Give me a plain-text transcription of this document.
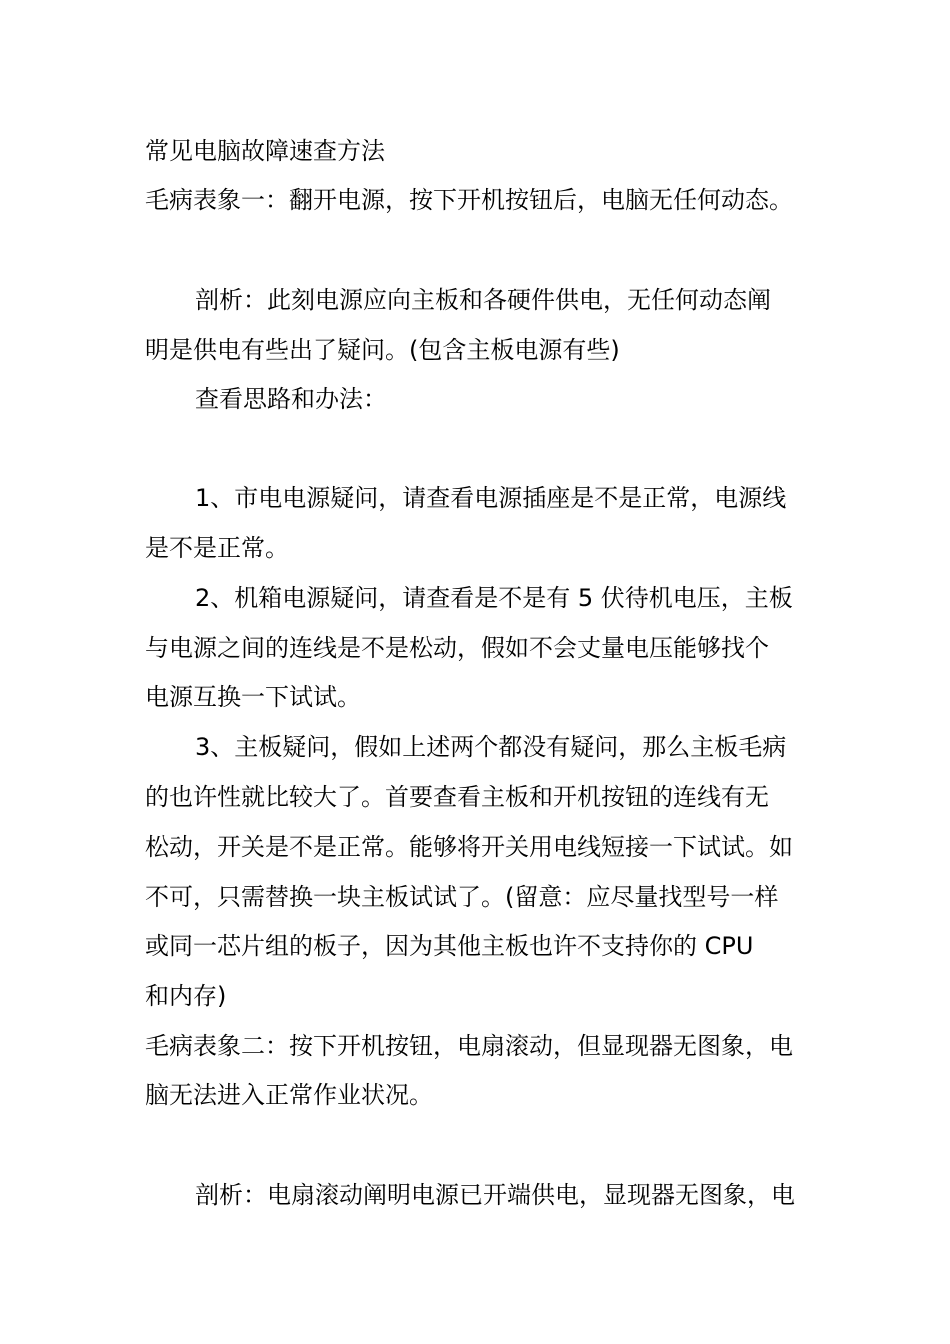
常见电脑故障速查方法
毛病表象一：翻开电源，按下开机按钮后，电脑无任何动态。
剖析：此刻电源应向主板和各硬件供电，无任何动态阐
明是供电有些出了疑问。(包含主板电源有些)
查看思路和办法：
1、市电电源疑问，请查看电源插座是不是正常，电源线
是不是正常。
2、机箱电源疑问，请查看是不是有 5 伏待机电压，主板
与电源之间的连线是不是松动，假如不会丈量电压能够找个
电源互换一下试试。
3、主板疑问，假如上述两个都没有疑问，那么主板毛病
的也许性就比较大了。首要查看主板和开机按钮的连线有无
松动，开关是不是正常。能够将开关用电线短接一下试试。如
不可，只需替换一块主板试试了。(留意：应尽量找型号一样
或同一芯片组的板子，因为其他主板也许不支持你的 CPU
和内存)
毛病表象二：按下开机按钮，电扇滚动，但显现器无图象，电
脑无法进入正常作业状况。
剖析：电扇滚动阐明电源已开端供电，显现器无图象，电
